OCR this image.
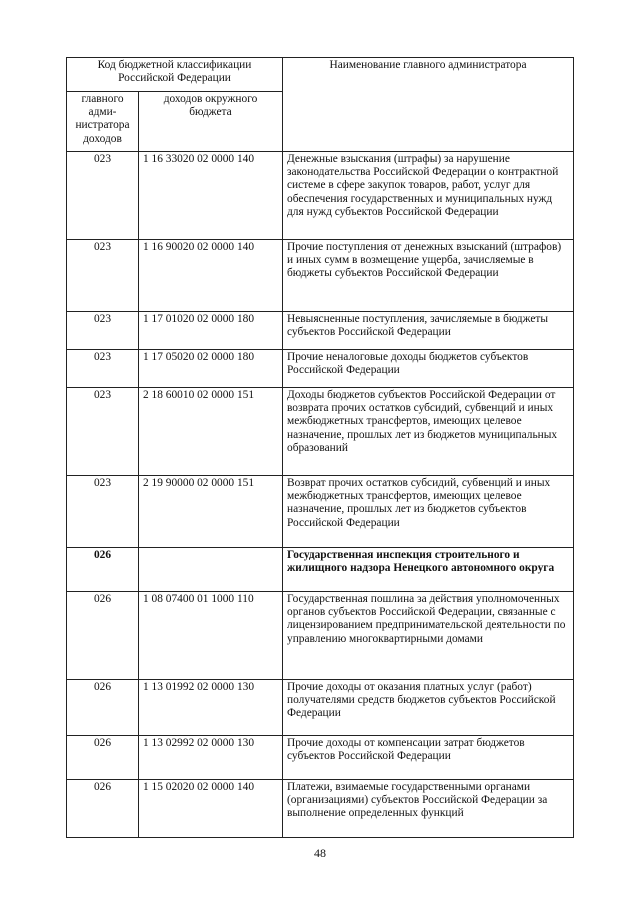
Код бюджетной классификации Российской Федерации		Наименование главного администратора
главного адми-нистратора доходов	доходов окружного бюджета	
023	1 16 33020 02 0000 140	Денежные взыскания (штрафы) за нарушение законодательства Российской Федерации о контрактной системе в сфере закупок товаров, работ, услуг для обеспечения государственных и муниципальных нужд для нужд субъектов Российской Федерации
023	1 16 90020 02 0000 140	Прочие поступления от денежных взысканий (штрафов) и иных сумм в возмещение ущерба, зачисляемые в бюджеты субъектов Российской Федерации
023	1 17 01020 02 0000 180	Невыясненные поступления, зачисляемые в бюджеты субъектов Российской Федерации
023	1 17 05020 02 0000 180	Прочие неналоговые доходы бюджетов субъектов Российской Федерации
023	2 18 60010 02 0000 151	Доходы бюджетов субъектов Российской Федерации от возврата прочих остатков субсидий, субвенций и иных межбюджетных трансфертов, имеющих целевое назначение, прошлых лет из бюджетов муниципальных образований
023	2 19 90000 02 0000 151	Возврат прочих остатков субсидий, субвенций и иных межбюджетных трансфертов, имеющих целевое назначение, прошлых лет из бюджетов субъектов Российской Федерации
026		Государственная инспекция строительного и жилищного надзора Ненецкого автономного округа
026	1 08 07400 01 1000 110	Государственная пошлина за действия уполномоченных органов субъектов Российской Федерации, связанные с лицензированием предпринимательской деятельности по управлению многоквартирными домами
026	1 13 01992 02 0000 130	Прочие доходы от оказания платных услуг (работ) получателями средств бюджетов субъектов Российской Федерации
026	1 13 02992 02 0000 130	Прочие доходы от компенсации затрат бюджетов субъектов Российской Федерации
026	1 15 02020 02 0000 140	Платежи, взимаемые государственными органами (организациями) субъектов Российской Федерации за выполнение определенных функций
48
